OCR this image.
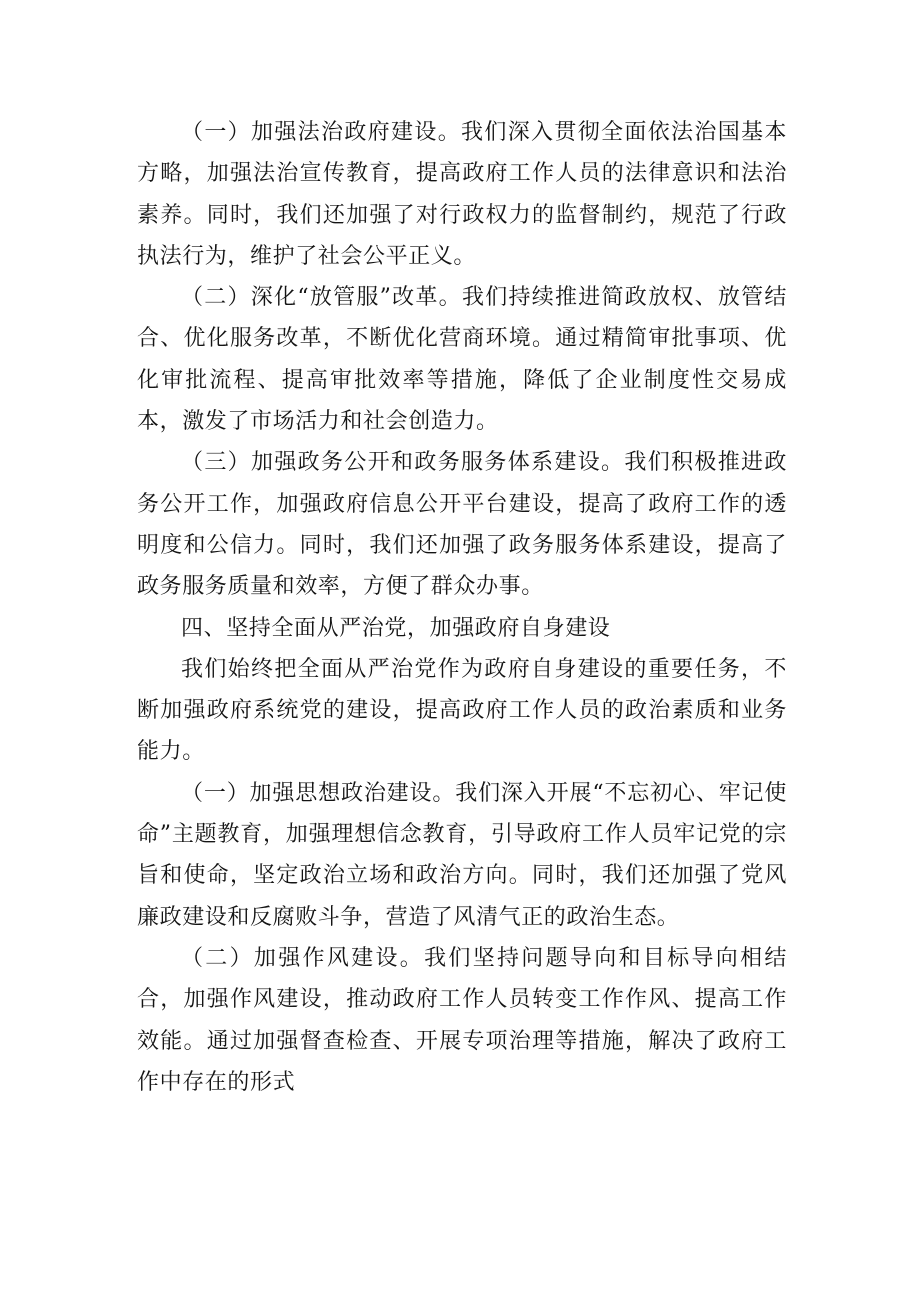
（一）加强法治政府建设。我们深入贯彻全面依法治国基本方略，加强法治宣传教育，提高政府工作人员的法律意识和法治素养。同时，我们还加强了对行政权力的监督制约，规范了行政执法行为，维护了社会公平正义。

（二）深化“放管服”改革。我们持续推进简政放权、放管结合、优化服务改革，不断优化营商环境。通过精简审批事项、优化审批流程、提高审批效率等措施，降低了企业制度性交易成本，激发了市场活力和社会创造力。

（三）加强政务公开和政务服务体系建设。我们积极推进政务公开工作，加强政府信息公开平台建设，提高了政府工作的透明度和公信力。同时，我们还加强了政务服务体系建设，提高了政务服务质量和效率，方便了群众办事。

四、坚持全面从严治党，加强政府自身建设

我们始终把全面从严治党作为政府自身建设的重要任务，不断加强政府系统党的建设，提高政府工作人员的政治素质和业务能力。

（一）加强思想政治建设。我们深入开展“不忘初心、牢记使命”主题教育，加强理想信念教育，引导政府工作人员牢记党的宗旨和使命，坚定政治立场和政治方向。同时，我们还加强了党风廉政建设和反腐败斗争，营造了风清气正的政治生态。

（二）加强作风建设。我们坚持问题导向和目标导向相结合，加强作风建设，推动政府工作人员转变工作作风、提高工作效能。通过加强督查检查、开展专项治理等措施，解决了政府工作中存在的形式
